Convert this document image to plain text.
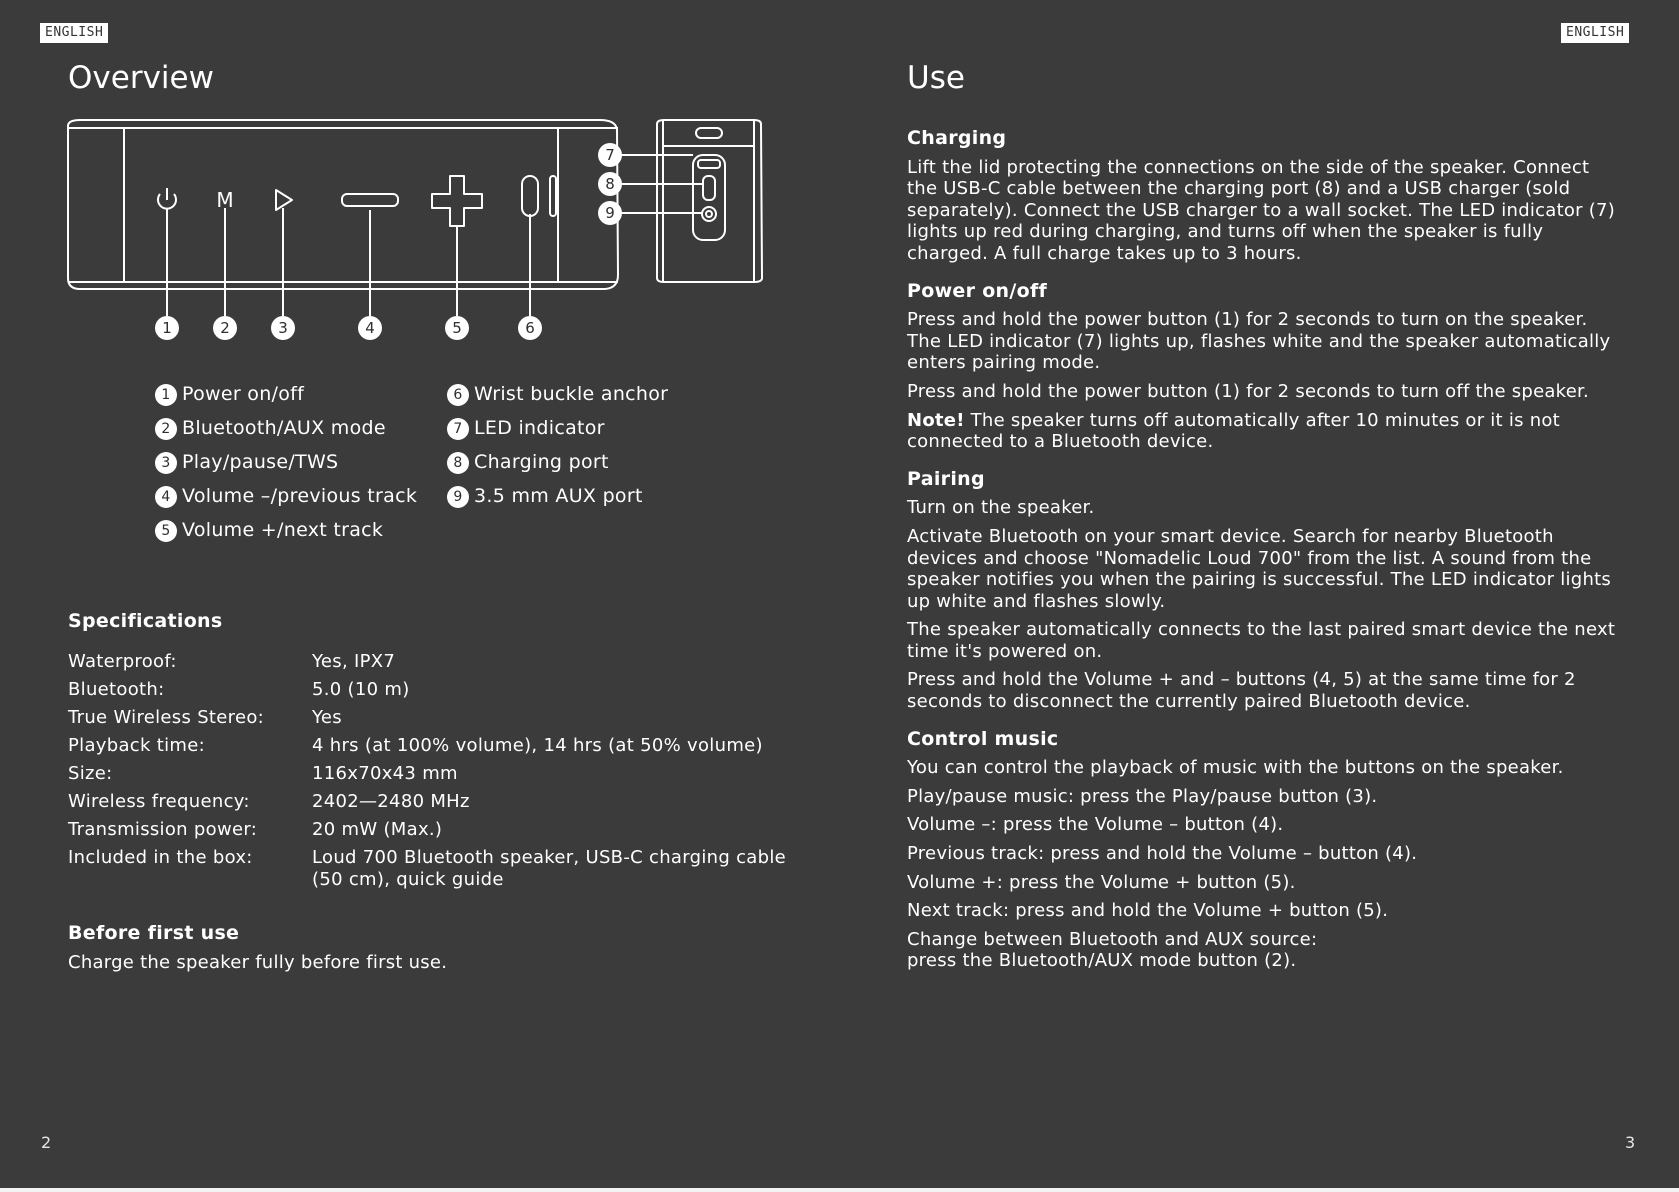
ENGLISH	ENGLISH
Overview
M
1	2	3	4	5	6
7
8
9
1 Power on/off
2 Bluetooth/AUX mode
3 Play/pause/TWS
4 Volume –/previous track
5 Volume +/next track
6 Wrist buckle anchor
7 LED indicator
8 Charging port
9 3.5 mm AUX port
Specifications
Waterproof:	Yes, IPX7
Bluetooth:	5.0 (10 m)
True Wireless Stereo:	Yes
Playback time:	4 hrs (at 100% volume), 14 hrs (at 50% volume)
Size:	116x70x43 mm
Wireless frequency:	2402—2480 MHz
Transmission power:	20 mW (Max.)
Included in the box:	Loud 700 Bluetooth speaker, USB-C charging cable (50 cm), quick guide
Before first use
Charge the speaker fully before first use.
2
Use
Charging

Lift the lid protecting the connections on the side of the speaker. Connect the USB-C cable between the charging port (8) and a USB charger (sold separately). Connect the USB charger to a wall socket. The LED indicator (7) lights up red during charging, and turns off when the speaker is fully charged. A full charge takes up to 3 hours.

Power on/off

Press and hold the power button (1) for 2 seconds to turn on the speaker. The LED indicator (7) lights up, flashes white and the speaker automatically enters pairing mode.

Press and hold the power button (1) for 2 seconds to turn off the speaker.

Note! The speaker turns off automatically after 10 minutes or it is not connected to a Bluetooth device.

Pairing

Turn on the speaker.

Activate Bluetooth on your smart device. Search for nearby Bluetooth devices and choose "Nomadelic Loud 700" from the list. A sound from the speaker notifies you when the pairing is successful. The LED indicator lights up white and flashes slowly.

The speaker automatically connects to the last paired smart device the next time it's powered on.

Press and hold the Volume + and – buttons (4, 5) at the same time for 2 seconds to disconnect the currently paired Bluetooth device.

Control music

You can control the playback of music with the buttons on the speaker.

Play/pause music: press the Play/pause button (3).

Volume –: press the Volume – button (4).

Previous track: press and hold the Volume – button (4).

Volume +: press the Volume + button (5).

Next track: press and hold the Volume + button (5).

Change between Bluetooth and AUX source:
press the Bluetooth/AUX mode button (2).

3
